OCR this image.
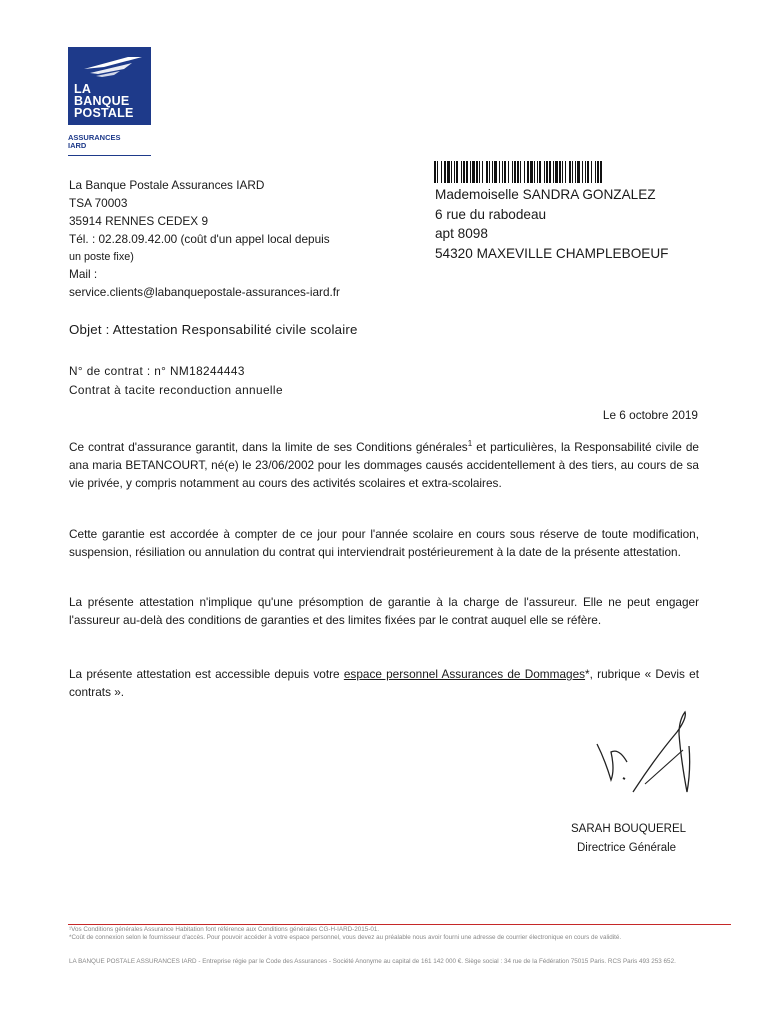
LA
BANQUE
POSTALE
ASSURANCES
IARD
La Banque Postale Assurances IARD
TSA 70003
35914 RENNES CEDEX 9
Tél. : 02.28.09.42.00 (coût d'un appel local depuis
un poste fixe)
Mail :
service.clients@labanquepostale-assurances-iard.fr
Mademoiselle SANDRA GONZALEZ
6 rue du rabodeau
apt 8098
54320 MAXEVILLE CHAMPLEBOEUF
Objet : Attestation Responsabilité civile scolaire
N° de contrat : n° NM18244443
Contrat à tacite reconduction annuelle
Le 6 octobre 2019
Ce contrat d'assurance garantit, dans la limite de ses Conditions générales$^1$ et particulières, la Responsabilité civile de ana maria BETANCOURT, né(e) le 23/06/2002 pour les dommages causés accidentellement à des tiers, au cours de sa vie privée, y compris notamment au cours des activités scolaires et extra-scolaires.
Cette garantie est accordée à compter de ce jour pour l'année scolaire en cours sous réserve de toute modification, suspension, résiliation ou annulation du contrat qui interviendrait postérieurement à la date de la présente attestation.
La présente attestation n'implique qu'une présomption de garantie à la charge de l'assureur. Elle ne peut engager l'assureur au-delà des conditions de garanties et des limites fixées par le contrat auquel elle se réfère.
La présente attestation est accessible depuis votre espace personnel Assurances de Dommages*, rubrique « Devis et contrats ».
SARAH BOUQUEREL
Directrice Générale
¹Vos Conditions générales Assurance Habitation font référence aux Conditions générales CG-H-IARD-2015-01.
*Coût de connexion selon le fournisseur d'accès. Pour pouvoir accéder à votre espace personnel, vous devez au préalable nous avoir fourni une adresse de courrier électronique en cours de validité.
LA BANQUE POSTALE ASSURANCES IARD - Entreprise régie par le Code des Assurances - Société Anonyme au capital de 161 142 000 €. Siège social : 34 rue de la Fédération 75015 Paris. RCS Paris 493 253 652.
